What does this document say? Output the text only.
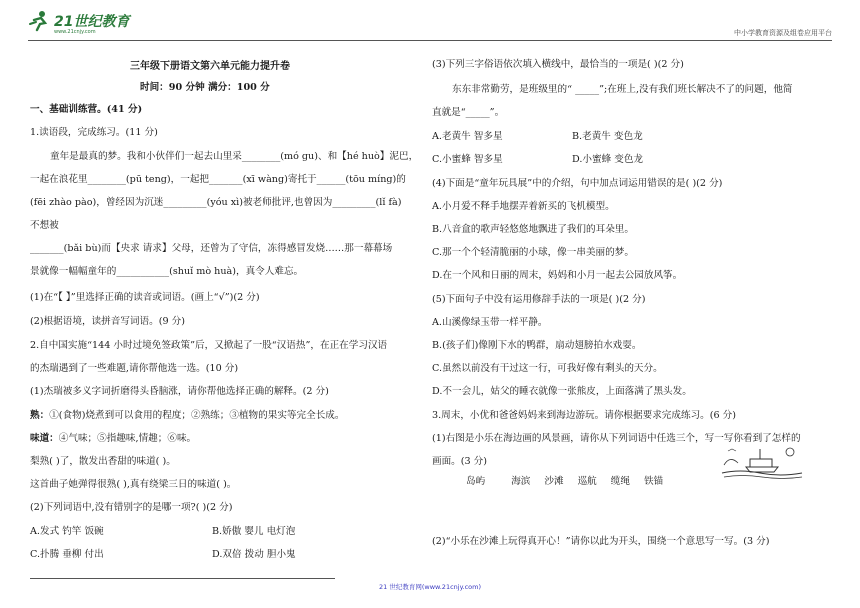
21世纪教育
www.21cnjy.com	中小学教育资源及组卷应用平台
三年级下册语文第六单元能力提升卷
时间：90 分钟 满分：100 分
一、基础训练营。(41 分)
1.读语段，完成练习。(11 分)
童年是最真的梦。我和小伙伴们一起去山里采________(mó gu)、和【hé huò】泥巴，
一起在浪花里________(pū teng)，一起把_______(xī wàng)寄托于______(tōu míng)的
(fēi zhào pào)，曾经因为沉迷_________(yóu xì)被老师批评,也曾因为_________(lǐ fà)
不想被
_______(bǎi bù)而【央求 请求】父母，还曾为了守信，冻得感冒发烧……那一幕幕场
景就像一幅幅童年的___________(shuǐ mò huà)，真令人难忘。
(1)在“【 】”里选择正确的读音或词语。(画上“√”)(2 分)
(2)根据语境，读拼音写词语。(9 分)
2.自中国实施“144 小时过境免签政策”后，又掀起了一股“汉语热”，在正在学习汉语
的杰瑞遇到了一些难题,请你帮他选一选。(10 分)
(1)杰瑞被多义字词折磨得头昏脑涨，请你帮他选择正确的解释。(2 分)
熟：①(食物)烧煮到可以食用的程度；②熟练；③植物的果实等完全长成。
味道：④气味；⑤指趣味,情趣；⑥味。
梨熟( )了，散发出香甜的味道( )。
这首曲子她弹得很熟( ),真有绕梁三日的味道( )。
(2)下列词语中,没有错别字的是哪一项?( )(2 分)
A.发式 钓竿 饭碗	B.娇傲 婴儿 电灯泡
C.扑腾 垂柳 付出	D.双倍 拨动 胆小鬼
(3)下列三字俗语依次填入横线中，最恰当的一项是( )(2 分)
东东非常勤劳，是班级里的“ _____”;在班上,没有我们班长解决不了的问题，他简
直就是“_____”。
A.老黄牛 智多星	B.老黄牛 变色龙
C.小蜜蜂 智多星	D.小蜜蜂 变色龙
(4)下面是“童年玩具展”中的介绍，句中加点词运用错误的是( )(2 分)
A.小月爱不释手地摆弄着新买的飞机模型。
B.八音盒的歌声轻悠悠地飘进了我们的耳朵里。
C.那一个个轻清脆丽的小球，像一串美丽的梦。
D.在一个风和日丽的周末，妈妈和小月一起去公园放风筝。
(5)下面句子中没有运用修辞手法的一项是( )(2 分)
A.山溪像绿玉带一样平静。
B.(孩子们)像刚下水的鸭群，扇动翅膀拍水戏耍。
C.虽然以前没有干过这一行，可我好像有剩头的天分。
D.不一会儿，姑父的睡衣就像一张熊皮，上面落满了黑头发。
3.周末，小优和爸爸妈妈来到海边游玩。请你根据要求完成练习。(6 分)
(1)右图是小乐在海边画的风景画，请你从下列词语中任选三个，写一写你看到了怎样的
画面。(3 分)
岛屿	海滨 沙滩 巡航 缆绳 铁锚
(2)“小乐在沙滩上玩得真开心！”请你以此为开头，围绕一个意思写一写。(3 分)
21 世纪教育网(www.21cnjy.com)
